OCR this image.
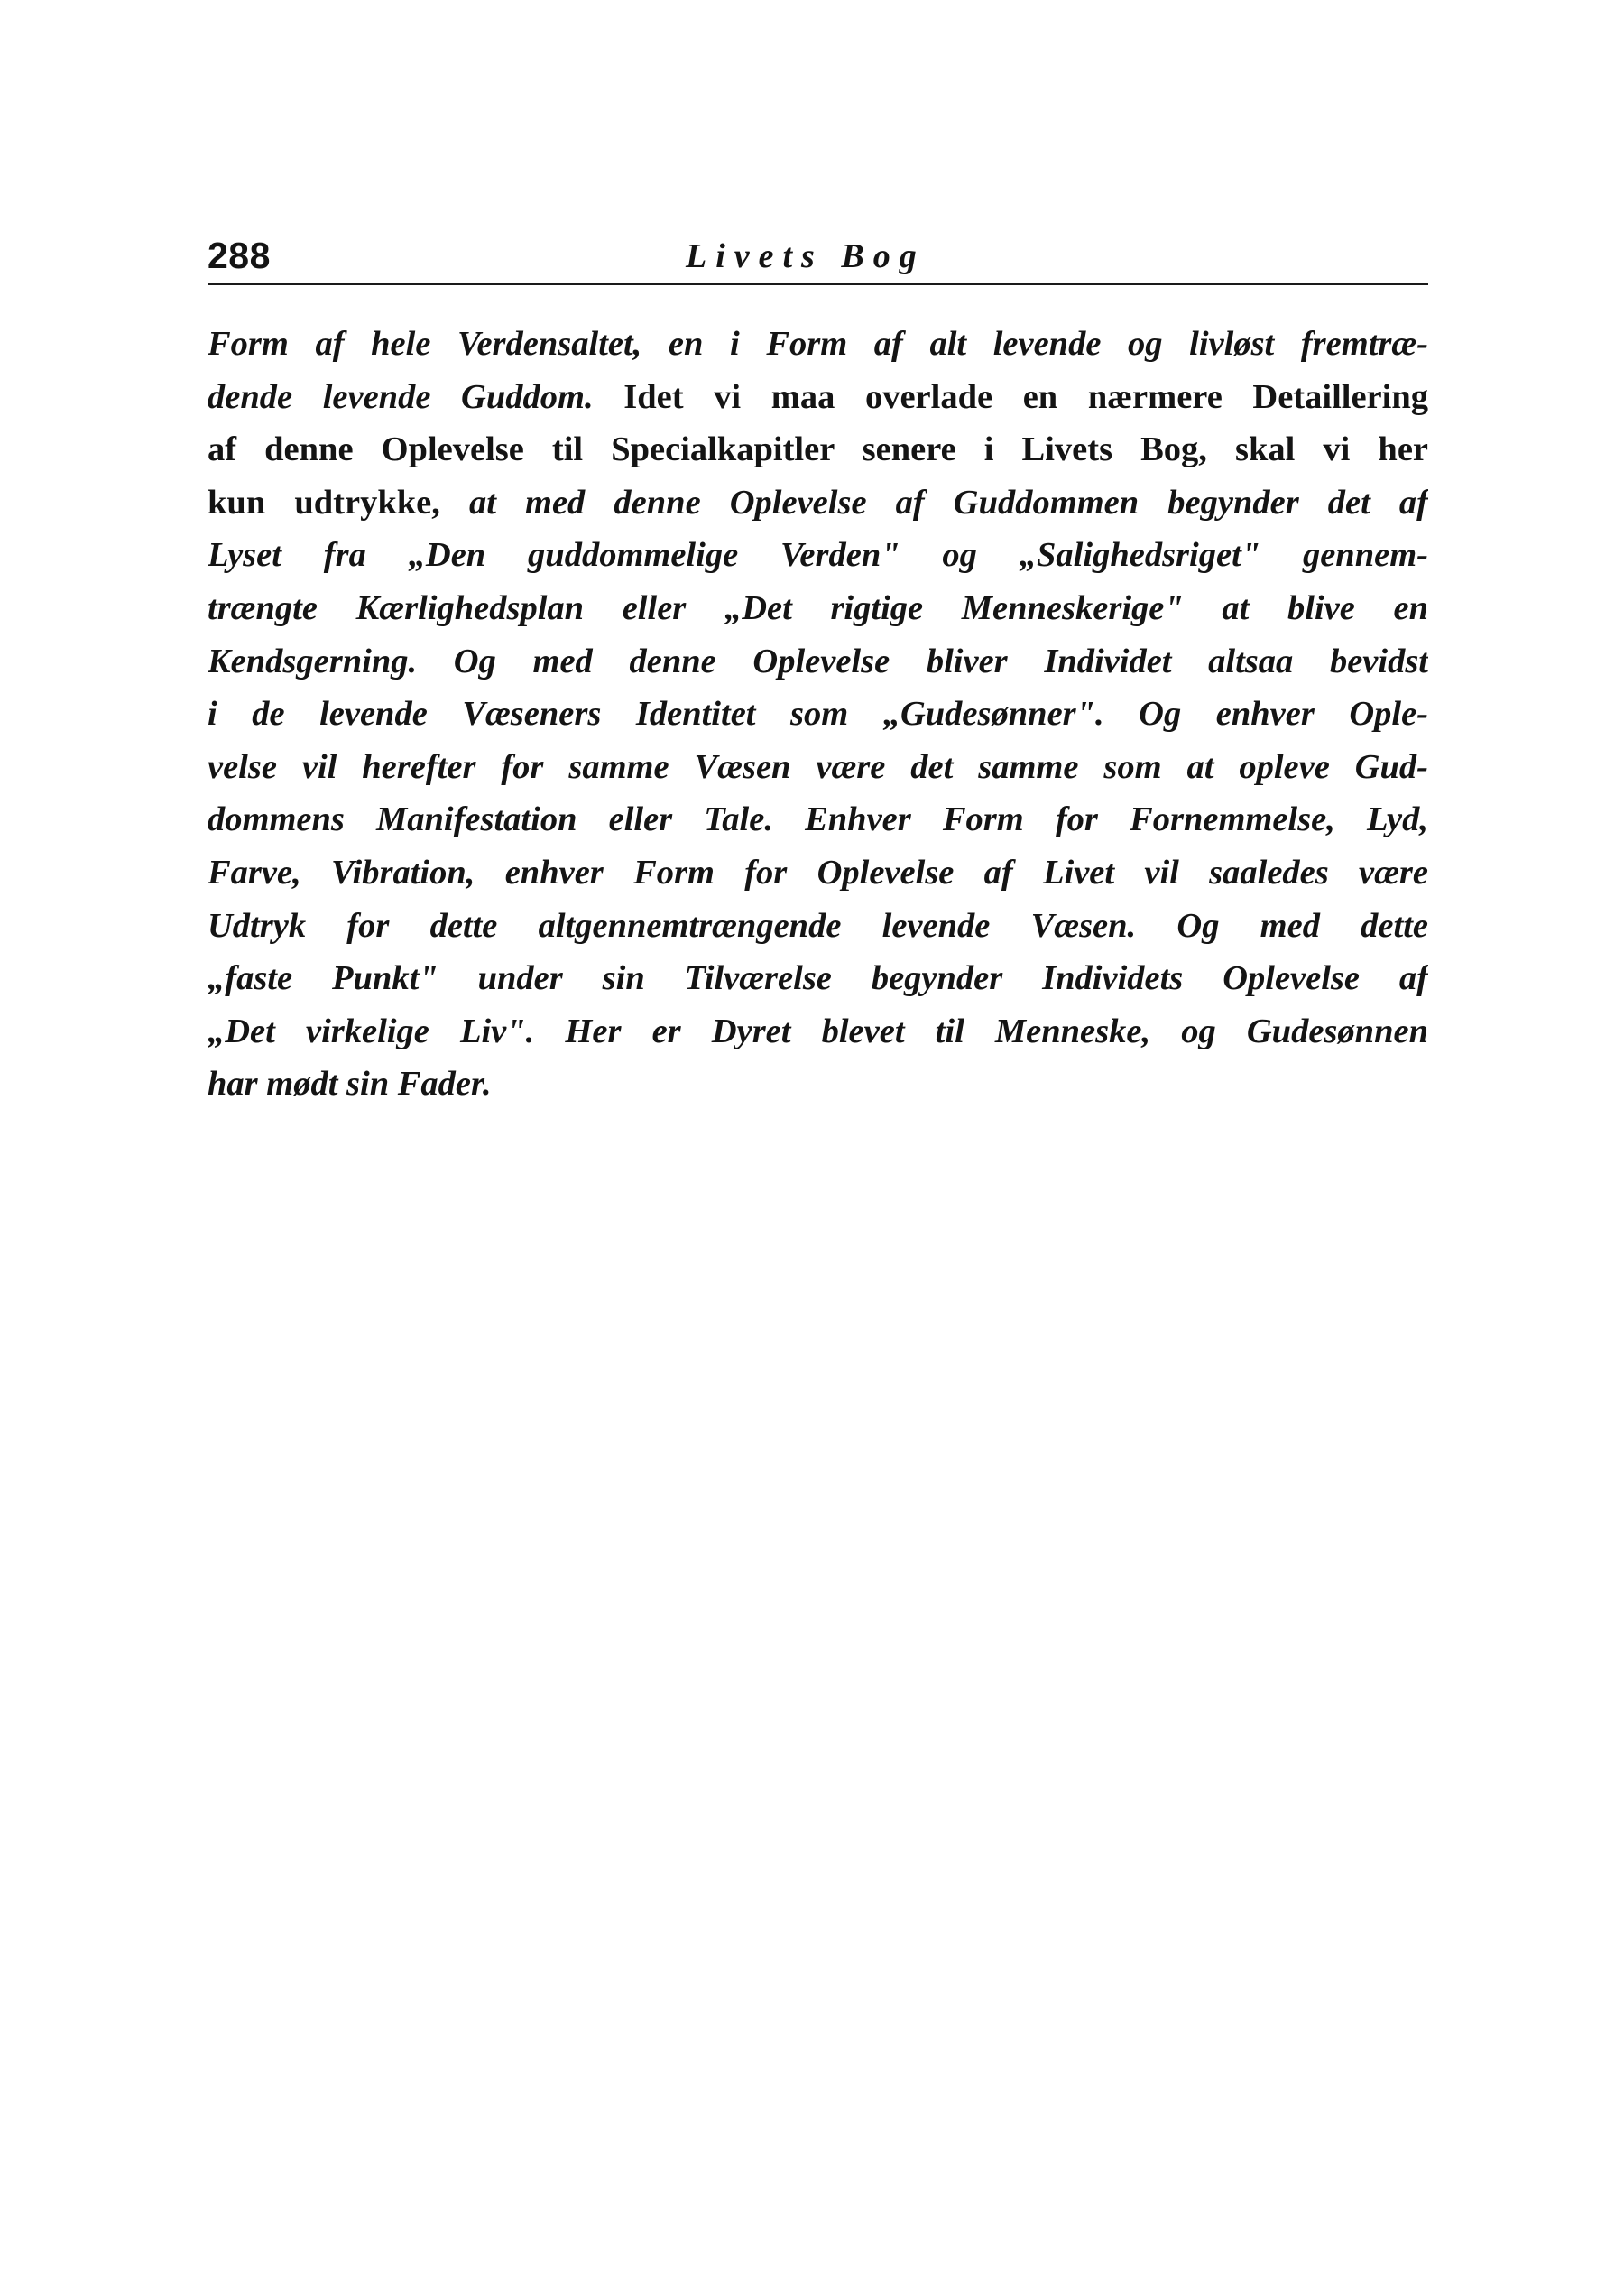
288	Livets Bog
Form af hele Verdensaltet, en i Form af alt levende og livløst fremtræ-
dende levende Guddom. Idet vi maa overlade en nærmere Detaillering
af denne Oplevelse til Specialkapitler senere i Livets Bog, skal vi her
kun udtrykke, at med denne Oplevelse af Guddommen begynder det af
Lyset fra „Den guddommelige Verden" og „Salighedsriget" gennem-
trængte Kærlighedsplan eller „Det rigtige Menneskerige" at blive en
Kendsgerning. Og med denne Oplevelse bliver Individet altsaa bevidst
i de levende Væseners Identitet som „Gudesønner". Og enhver Ople-
velse vil herefter for samme Væsen være det samme som at opleve Gud-
dommens Manifestation eller Tale. Enhver Form for Fornemmelse, Lyd,
Farve, Vibration, enhver Form for Oplevelse af Livet vil saaledes være
Udtryk for dette altgennemtrængende levende Væsen. Og med dette
„faste Punkt" under sin Tilværelse begynder Individets Oplevelse af
„Det virkelige Liv". Her er Dyret blevet til Menneske, og Gudesønnen
har mødt sin Fader.
